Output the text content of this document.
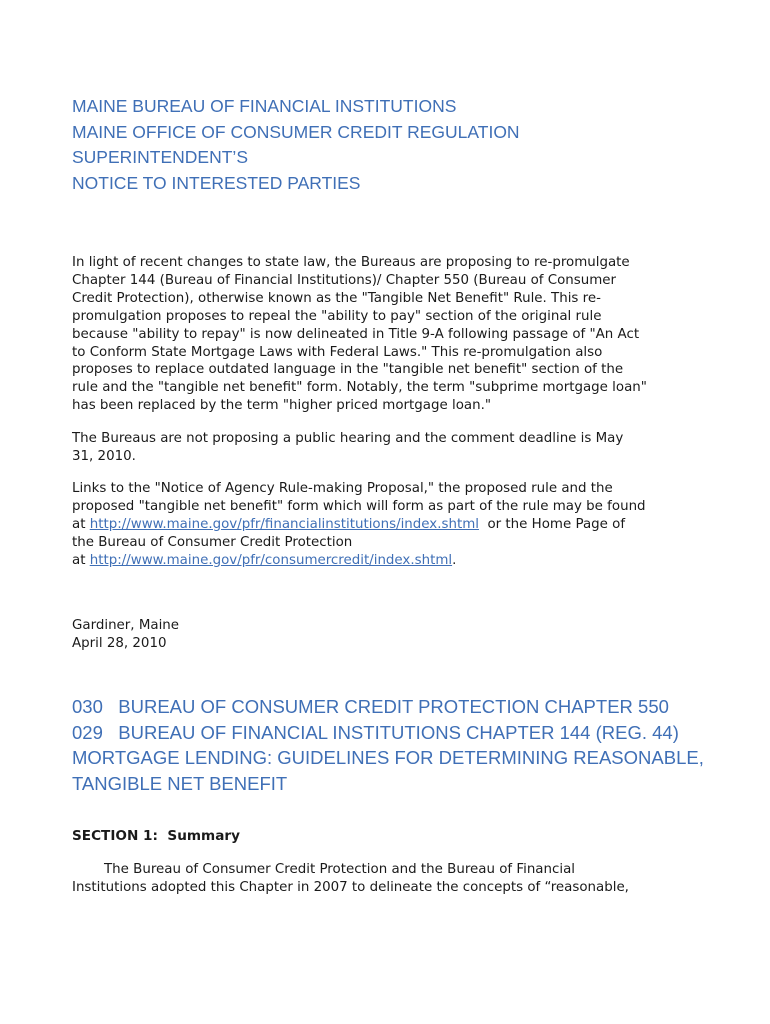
MAINE BUREAU OF FINANCIAL INSTITUTIONS
MAINE OFFICE OF CONSUMER CREDIT REGULATION
SUPERINTENDENT’S
NOTICE TO INTERESTED PARTIES
In light of recent changes to state law, the Bureaus are proposing to re-promulgate
Chapter 144 (Bureau of Financial Institutions)/ Chapter 550 (Bureau of Consumer
Credit Protection), otherwise known as the "Tangible Net Benefit" Rule. This re-
promulgation proposes to repeal the "ability to pay" section of the original rule
because "ability to repay" is now delineated in Title 9-A following passage of "An Act
to Conform State Mortgage Laws with Federal Laws." This re-promulgation also
proposes to replace outdated language in the "tangible net benefit" section of the
rule and the "tangible net benefit" form. Notably, the term "subprime mortgage loan"
has been replaced by the term "higher priced mortgage loan."
The Bureaus are not proposing a public hearing and the comment deadline is May
31, 2010.
Links to the "Notice of Agency Rule-making Proposal," the proposed rule and the
proposed "tangible net benefit" form which will form as part of the rule may be found
at http://www.maine.gov/pfr/financialinstitutions/index.shtml  or the Home Page of
the Bureau of Consumer Credit Protection
at http://www.maine.gov/pfr/consumercredit/index.shtml.
Gardiner, Maine
April 28, 2010
030   BUREAU OF CONSUMER CREDIT PROTECTION CHAPTER 550
029   BUREAU OF FINANCIAL INSTITUTIONS CHAPTER 144 (REG. 44)
MORTGAGE LENDING: GUIDELINES FOR DETERMINING REASONABLE,
TANGIBLE NET BENEFIT
SECTION 1:  Summary
The Bureau of Consumer Credit Protection and the Bureau of Financial
Institutions adopted this Chapter in 2007 to delineate the concepts of “reasonable,
